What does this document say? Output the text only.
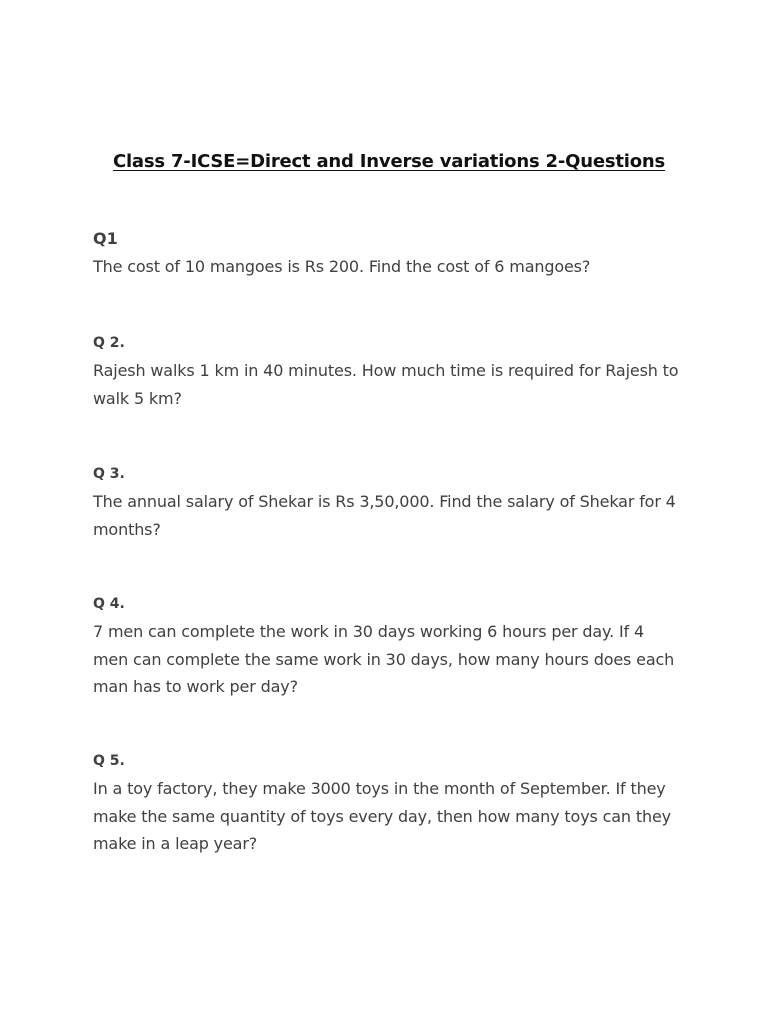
Class 7-ICSE=Direct and Inverse variations 2-Questions

Q1

The cost of 10 mangoes is Rs 200. Find the cost of 6 mangoes?

Q 2.

Rajesh walks 1 km in 40 minutes. How much time is required for Rajesh to walk 5 km?

Q 3.

The annual salary of Shekar is Rs 3,50,000. Find the salary of Shekar for 4 months?

Q 4.

7 men can complete the work in 30 days working 6 hours per day. If 4 men can complete the same work in 30 days, how many hours does each man has to work per day?

Q 5.

In a toy factory, they make 3000 toys in the month of September. If they make the same quantity of toys every day, then how many toys can they make in a leap year?
